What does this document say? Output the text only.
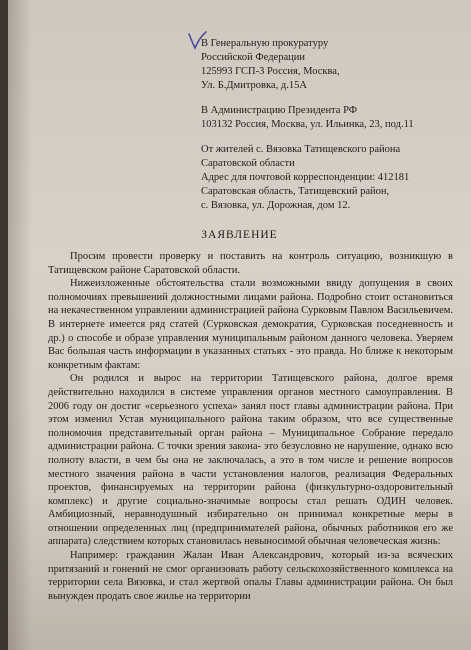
В Генеральную прокуратуру
Российской Федерации
125993 ГСП-3 Россия, Москва,
Ул. Б.Дмитровка, д.15А
В Администрацию Президента РФ
103132 Россия, Москва, ул. Ильинка, 23, под.11
От жителей с. Вязовка Татищевского района
Саратовской области
Адрес для почтовой корреспонденции: 412181
Саратовская область, Татищевский район,
с. Вязовка, ул. Дорожная, дом 12.
ЗАЯВЛЕНИЕ

Просим провести проверку и поставить на контроль ситуацию, возникшую в Татищевском районе Саратовской области.

Нижеизложенные обстоятельства стали возможными ввиду допущения в своих полномочиях превышений должностными лицами района. Подробно стоит остановиться на некачественном управлении администрацией района Сурковым Павлом Васильевичем. В интернете имеется ряд статей (Сурковская демократия, Сурковская поседневность и др.) о способе и образе управления муниципальным районом данного человека. Уверяем Вас большая часть информации в указанных статьях - это правда. Но ближе к некоторым конкретным фактам:

Он родился и вырос на территории Татищевского района, долгое время действительно находился в системе управления органов местного самоуправления. В 2006 году он достиг «серьезного успеха» занял пост главы администрации района. При этом изменил Устав муниципального района таким образом, что все существенные полномочия представительный орган района – Муниципальное Собрание передало администрации района. С точки зрения закона- это безусловно не нарушение, однако всю полноту власти, в чем бы она не заключалась, а это в том числе и решение вопросов местного значения района в части установления налогов, реализация Федеральных проектов, финансируемых на территории района (физкультурно-оздоровительный комплекс) и другие социально-значимые вопросы стал решать ОДИН человек. Амбициозный, неравнодушный избирательно он принимал конкретные меры в отношении определенных лиц (предпринимателей района, обычных работников его же аппарата) следствием которых становилась невыносимой обычная человеческая жизнь:

Например: гражданин Жалан Иван Александрович, который из-за всяческих притязаний и гонений не смог организовать работу сельскохозяйственного комплекса на территории села Вязовка, и стал жертвой опалы Главы администрации района. Он был вынужден продать свое жилье на территории
